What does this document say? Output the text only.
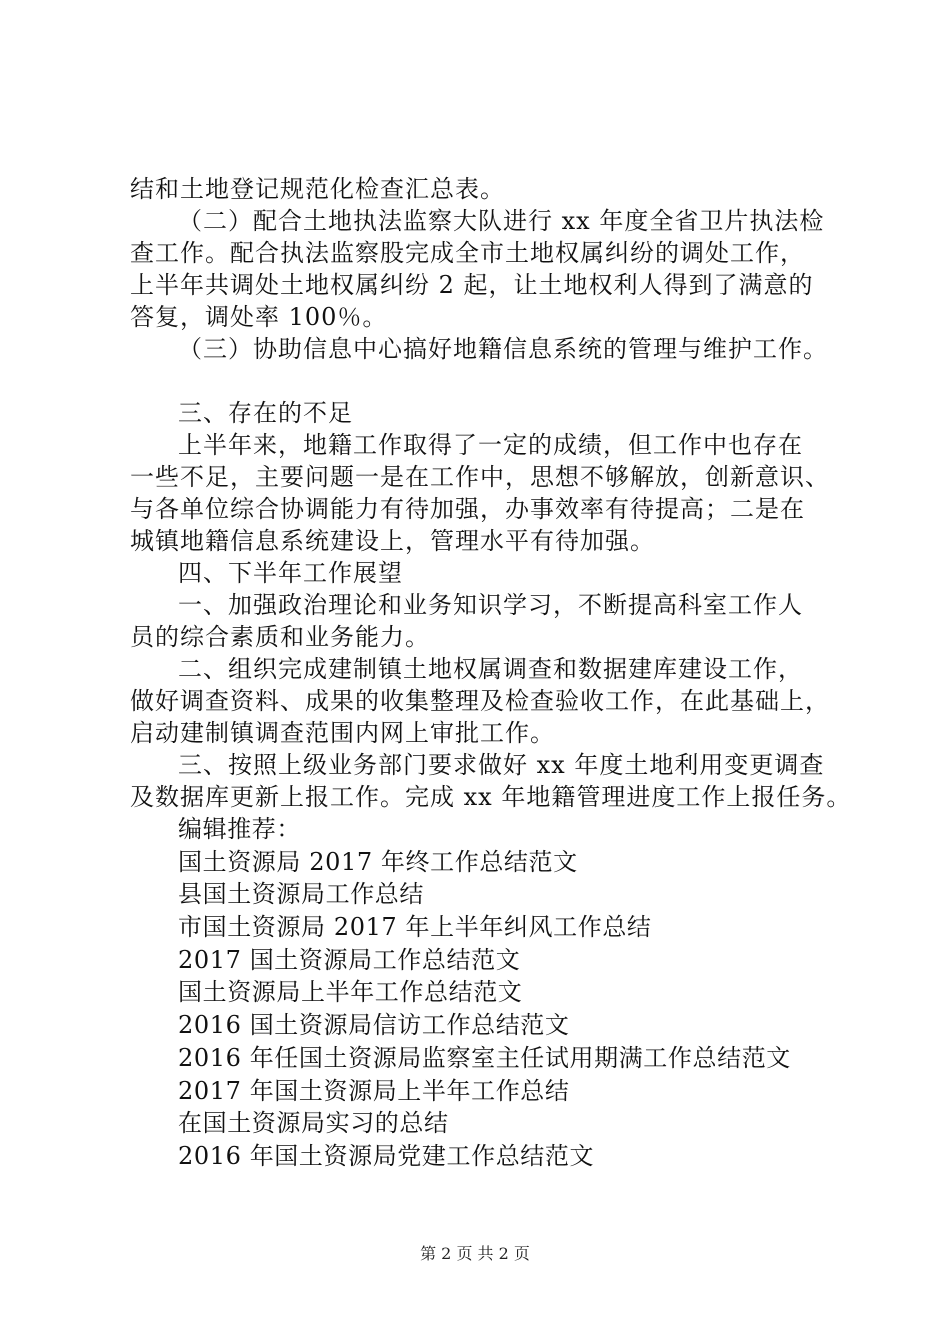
结和土地登记规范化检查汇总表。
（二）配合土地执法监察大队进行 xx 年度全省卫片执法检
查工作。配合执法监察股完成全市土地权属纠纷的调处工作，
上半年共调处土地权属纠纷 2 起，让土地权利人得到了满意的
答复，调处率 100％。
（三）协助信息中心搞好地籍信息系统的管理与维护工作。
三、存在的不足
上半年来，地籍工作取得了一定的成绩，但工作中也存在
一些不足，主要问题一是在工作中，思想不够解放，创新意识、
与各单位综合协调能力有待加强，办事效率有待提高；二是在
城镇地籍信息系统建设上，管理水平有待加强。
四、下半年工作展望
一、加强政治理论和业务知识学习，不断提高科室工作人
员的综合素质和业务能力。
二、组织完成建制镇土地权属调查和数据建库建设工作，
做好调查资料、成果的收集整理及检查验收工作，在此基础上，
启动建制镇调查范围内网上审批工作。
三、按照上级业务部门要求做好 xx 年度土地利用变更调查
及数据库更新上报工作。完成 xx 年地籍管理进度工作上报任务。
编辑推荐：
国土资源局 2017 年终工作总结范文
县国土资源局工作总结
市国土资源局 2017 年上半年纠风工作总结
2017 国土资源局工作总结范文
国土资源局上半年工作总结范文
2016 国土资源局信访工作总结范文
2016 年任国土资源局监察室主任试用期满工作总结范文
2017 年国土资源局上半年工作总结
在国土资源局实习的总结
2016 年国土资源局党建工作总结范文
第 2 页 共 2 页
